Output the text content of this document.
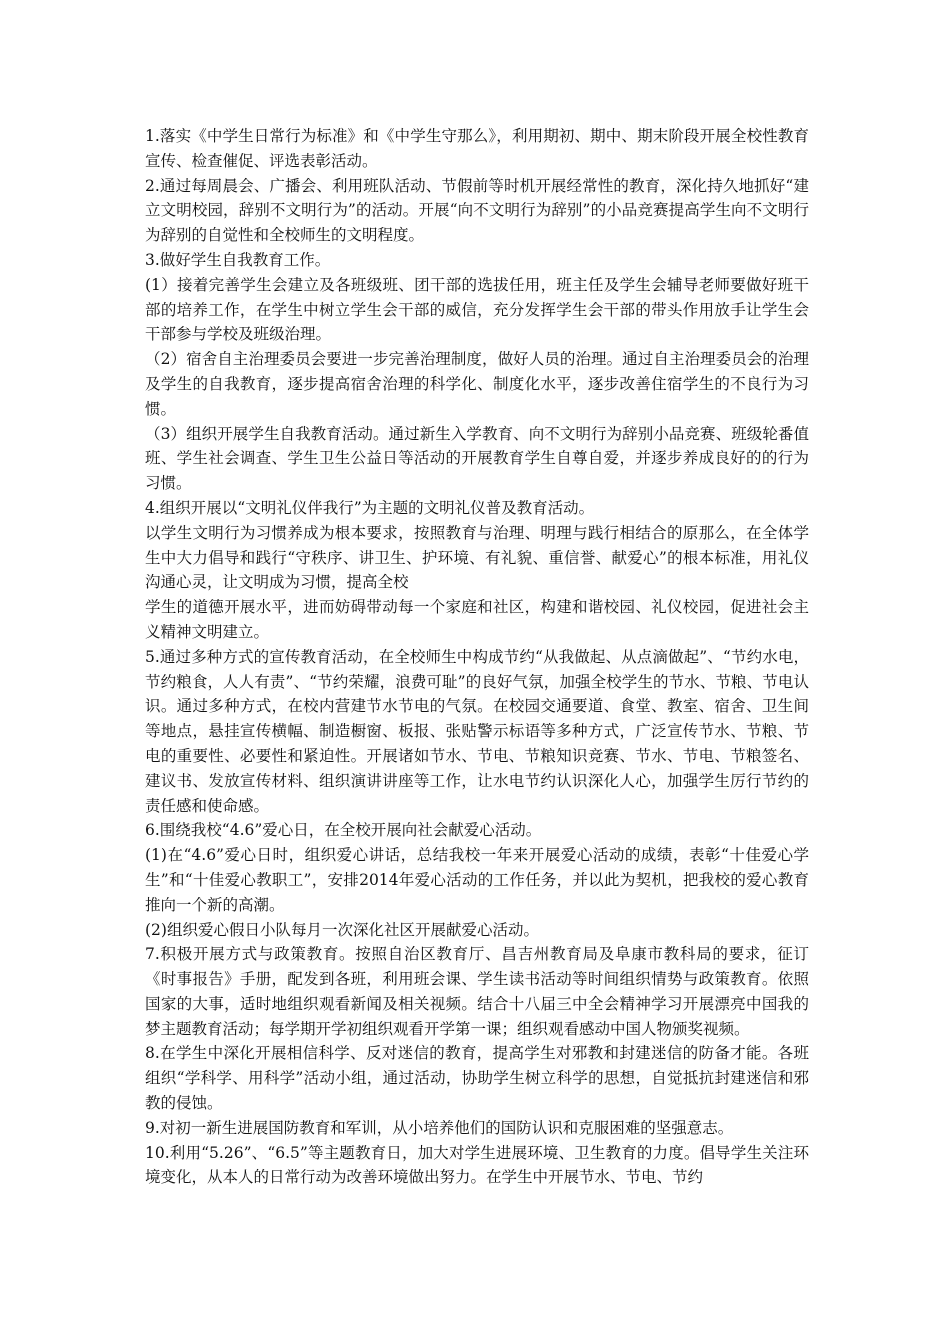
1.落实《中学生日常行为标准》和《中学生守那么》，利用期初、期中、期末阶段开展全校性教育宣传、检查催促、评选表彰活动。

2.通过每周晨会、广播会、利用班队活动、节假前等时机开展经常性的教育，深化持久地抓好“建立文明校园，辞别不文明行为”的活动。开展“向不文明行为辞别”的小品竞赛提高学生向不文明行为辞别的自觉性和全校师生的文明程度。

3.做好学生自我教育工作。

(1）接着完善学生会建立及各班级班、团干部的选拔任用，班主任及学生会辅导老师要做好班干部的培养工作，在学生中树立学生会干部的威信，充分发挥学生会干部的带头作用放手让学生会干部参与学校及班级治理。

（2）宿舍自主治理委员会要进一步完善治理制度，做好人员的治理。通过自主治理委员会的治理及学生的自我教育，逐步提高宿舍治理的科学化、制度化水平，逐步改善住宿学生的不良行为习惯。

（3）组织开展学生自我教育活动。通过新生入学教育、向不文明行为辞别小品竞赛、班级轮番值班、学生社会调查、学生卫生公益日等活动的开展教育学生自尊自爱，并逐步养成良好的的行为习惯。

4.组织开展以“文明礼仪伴我行”为主题的文明礼仪普及教育活动。

以学生文明行为习惯养成为根本要求，按照教育与治理、明理与践行相结合的原那么，在全体学生中大力倡导和践行“守秩序、讲卫生、护环境、有礼貌、重信誉、献爱心”的根本标准，用礼仪沟通心灵，让文明成为习惯，提高全校

学生的道德开展水平，进而妨碍带动每一个家庭和社区，构建和谐校园、礼仪校园，促进社会主义精神文明建立。

5.通过多种方式的宣传教育活动，在全校师生中构成节约“从我做起、从点滴做起”、“节约水电，节约粮食，人人有责”、“节约荣耀，浪费可耻”的良好气氛，加强全校学生的节水、节粮、节电认识。通过多种方式，在校内营建节水节电的气氛。在校园交通要道、食堂、教室、宿舍、卫生间等地点，悬挂宣传横幅、制造橱窗、板报、张贴警示标语等多种方式，广泛宣传节水、节粮、节电的重要性、必要性和紧迫性。开展诸如节水、节电、节粮知识竞赛、节水、节电、节粮签名、建议书、发放宣传材料、组织演讲讲座等工作，让水电节约认识深化人心，加强学生厉行节约的责任感和使命感。

6.围绕我校“4.6”爱心日，在全校开展向社会献爱心活动。

(1)在“4.6”爱心日时，组织爱心讲话，总结我校一年来开展爱心活动的成绩，表彰“十佳爱心学生”和“十佳爱心教职工”，安排2014年爱心活动的工作任务，并以此为契机，把我校的爱心教育推向一个新的高潮。

(2)组织爱心假日小队每月一次深化社区开展献爱心活动。

7.积极开展方式与政策教育。按照自治区教育厅、昌吉州教育局及阜康市教科局的要求，征订《时事报告》手册，配发到各班，利用班会课、学生读书活动等时间组织情势与政策教育。依照国家的大事，适时地组织观看新闻及相关视频。结合十八届三中全会精神学习开展漂亮中国我的梦主题教育活动；每学期开学初组织观看开学第一课；组织观看感动中国人物颁奖视频。

8.在学生中深化开展相信科学、反对迷信的教育，提高学生对邪教和封建迷信的防备才能。各班组织“学科学、用科学”活动小组，通过活动，协助学生树立科学的思想，自觉抵抗封建迷信和邪教的侵蚀。

9.对初一新生进展国防教育和军训，从小培养他们的国防认识和克服困难的坚强意志。

10.利用“5.26”、“6.5”等主题教育日，加大对学生进展环境、卫生教育的力度。倡导学生关注环境变化，从本人的日常行动为改善环境做出努力。在学生中开展节水、节电、节约
